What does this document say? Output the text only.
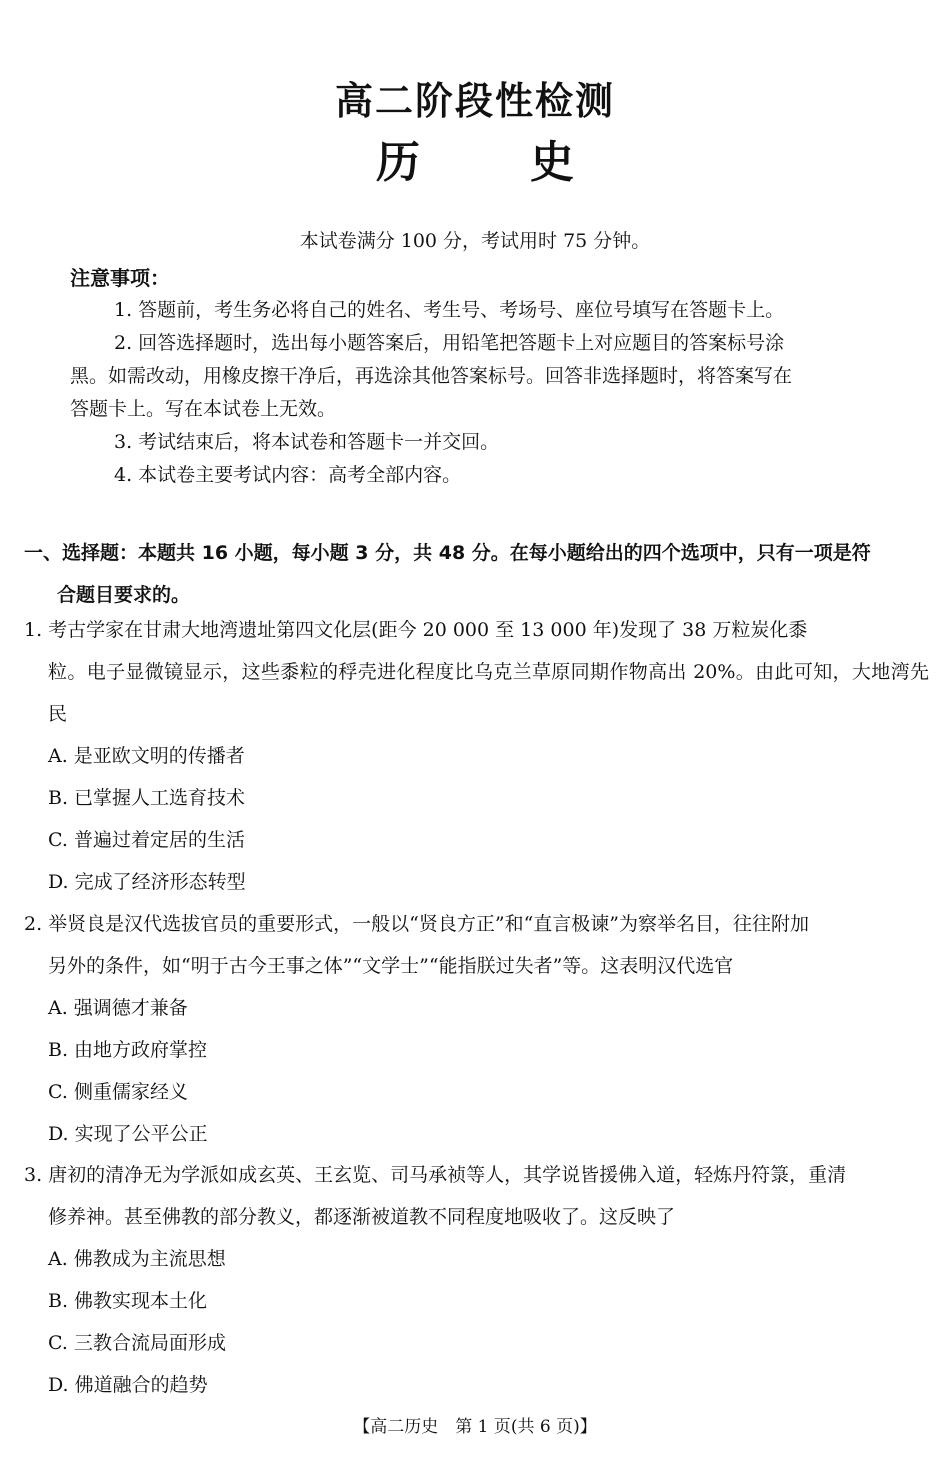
高二阶段性检测
历	史
本试卷满分 100 分，考试用时 75 分钟。
注意事项：
1. 答题前，考生务必将自己的姓名、考生号、考场号、座位号填写在答题卡上。
2. 回答选择题时，选出每小题答案后，用铅笔把答题卡上对应题目的答案标号涂
黑。如需改动，用橡皮擦干净后，再选涂其他答案标号。回答非选择题时，将答案写在
答题卡上。写在本试卷上无效。
3. 考试结束后，将本试卷和答题卡一并交回。
4. 本试卷主要考试内容：高考全部内容。
一、选择题：本题共 16 小题，每小题 3 分，共 48 分。在每小题给出的四个选项中，只有一项是符
合题目要求的。
1. 考古学家在甘肃大地湾遗址第四文化层(距今 20 000 至 13 000 年)发现了 38 万粒炭化黍
粒。电子显微镜显示，这些黍粒的稃壳进化程度比乌克兰草原同期作物高出 20%。由此可知，大地湾先民
A. 是亚欧文明的传播者
B. 已掌握人工选育技术
C. 普遍过着定居的生活
D. 完成了经济形态转型
2. 举贤良是汉代选拔官员的重要形式，一般以“贤良方正”和“直言极谏”为察举名目，往往附加
另外的条件，如“明于古今王事之体”“文学士”“能指朕过失者”等。这表明汉代选官
A. 强调德才兼备
B. 由地方政府掌控
C. 侧重儒家经义
D. 实现了公平公正
3. 唐初的清净无为学派如成玄英、王玄览、司马承祯等人，其学说皆援佛入道，轻炼丹符箓，重清
修养神。甚至佛教的部分教义，都逐渐被道教不同程度地吸收了。这反映了
A. 佛教成为主流思想
B. 佛教实现本土化
C. 三教合流局面形成
D. 佛道融合的趋势
【高二历史　第 1 页(共 6 页)】
